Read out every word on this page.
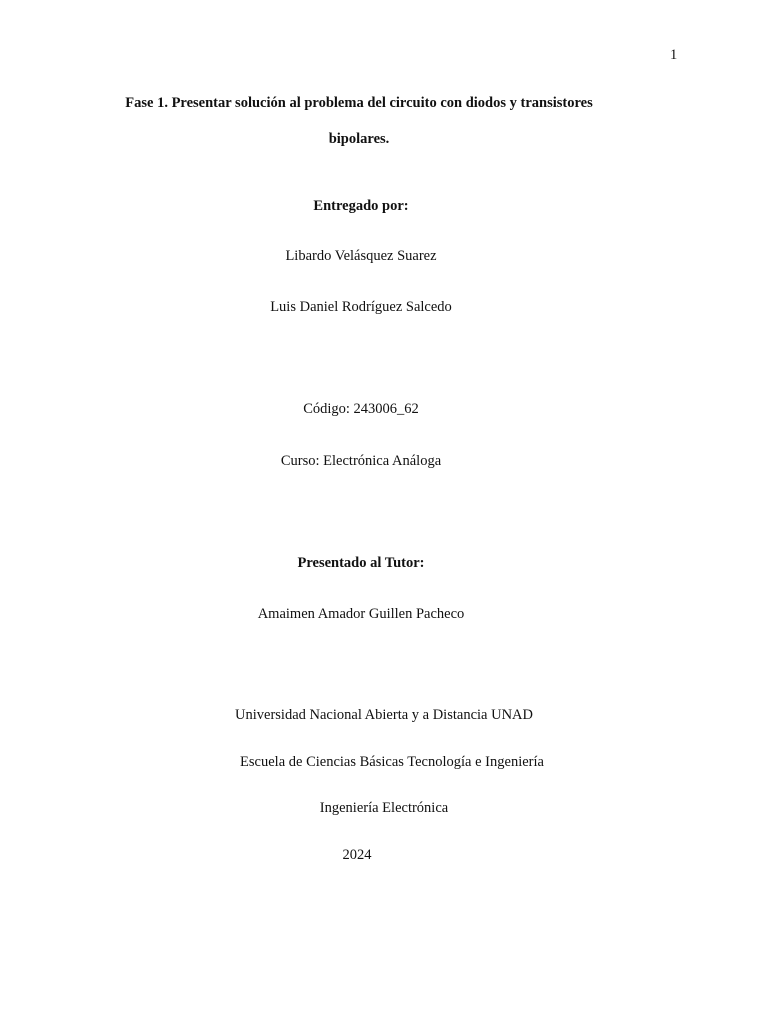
1
Fase 1. Presentar solución al problema del circuito con diodos y transistores
bipolares.
Entregado por:
Libardo Velásquez Suarez
Luis Daniel Rodríguez Salcedo
Código: 243006_62
Curso: Electrónica Análoga
Presentado al Tutor:
Amaimen Amador Guillen Pacheco
Universidad Nacional Abierta y a Distancia UNAD
Escuela de Ciencias Básicas Tecnología e Ingeniería
Ingeniería Electrónica
2024
